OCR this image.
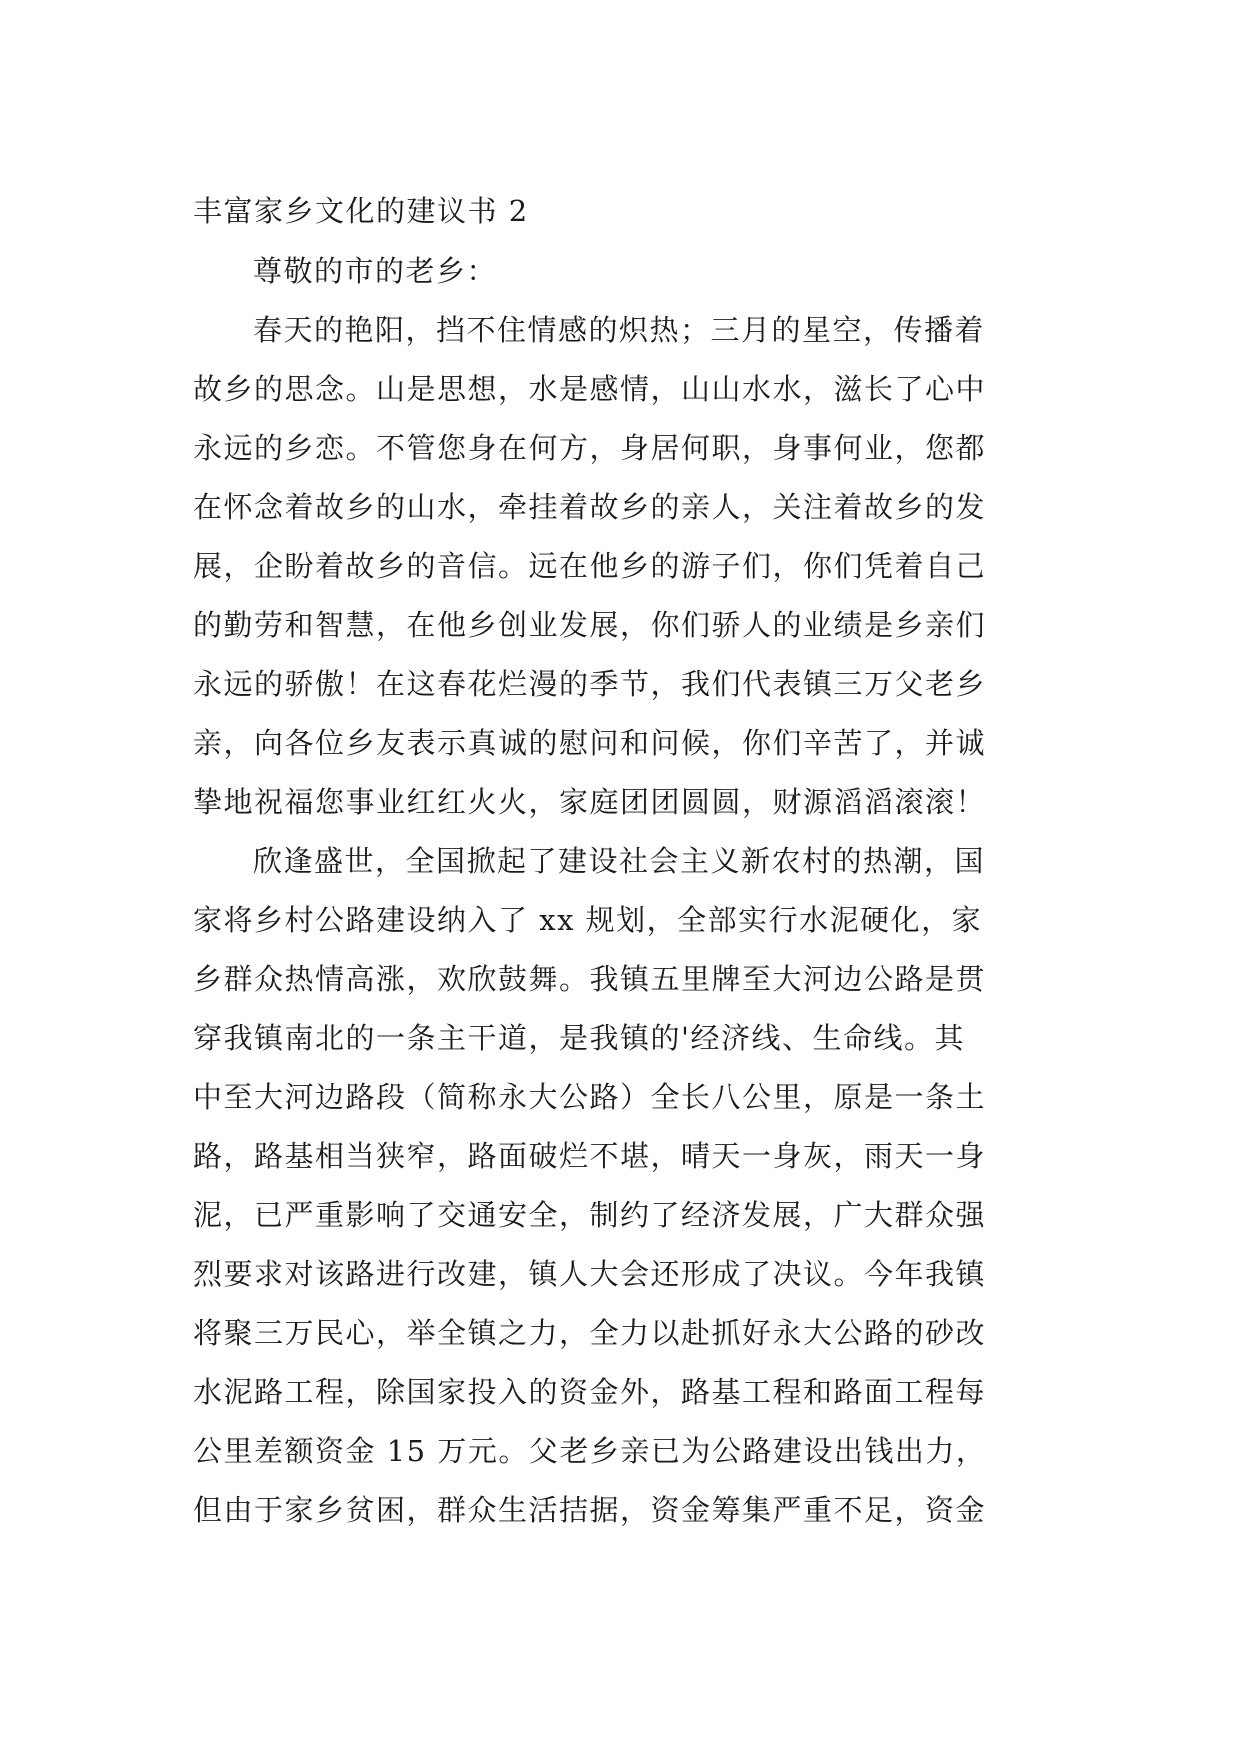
丰富家乡文化的建议书 2
尊敬的市的老乡：
春天的艳阳，挡不住情感的炽热；三月的星空，传播着
故乡的思念。山是思想，水是感情，山山水水，滋长了心中
永远的乡恋。不管您身在何方，身居何职，身事何业，您都
在怀念着故乡的山水，牵挂着故乡的亲人，关注着故乡的发
展，企盼着故乡的音信。远在他乡的游子们，你们凭着自己
的勤劳和智慧，在他乡创业发展，你们骄人的业绩是乡亲们
永远的骄傲！在这春花烂漫的季节，我们代表镇三万父老乡
亲，向各位乡友表示真诚的慰问和问候，你们辛苦了，并诚
挚地祝福您事业红红火火，家庭团团圆圆，财源滔滔滚滚！
欣逢盛世，全国掀起了建设社会主义新农村的热潮，国
家将乡村公路建设纳入了 xx 规划，全部实行水泥硬化，家
乡群众热情高涨，欢欣鼓舞。我镇五里牌至大河边公路是贯
穿我镇南北的一条主干道，是我镇的'经济线、生命线。其
中至大河边路段（简称永大公路）全长八公里，原是一条土
路，路基相当狭窄，路面破烂不堪，晴天一身灰，雨天一身
泥，已严重影响了交通安全，制约了经济发展，广大群众强
烈要求对该路进行改建，镇人大会还形成了决议。今年我镇
将聚三万民心，举全镇之力，全力以赴抓好永大公路的砂改
水泥路工程，除国家投入的资金外，路基工程和路面工程每
公里差额资金 15 万元。父老乡亲已为公路建设出钱出力，
但由于家乡贫困，群众生活拮据，资金筹集严重不足，资金
